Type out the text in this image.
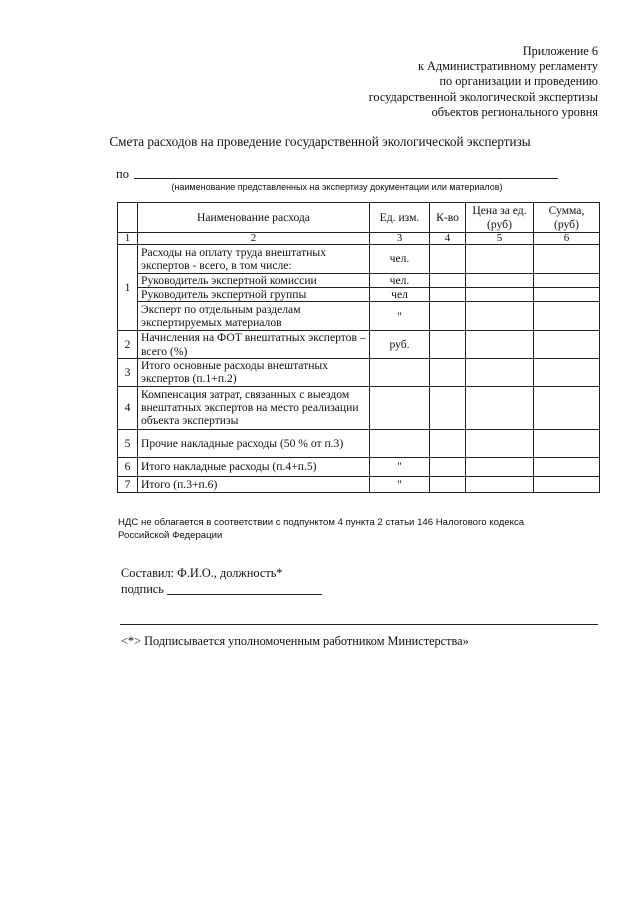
Приложение 6
к Административному регламенту
по организации и проведению
государственной экологической экспертизы
объектов регионального уровня
Смета расходов на проведение государственной экологической экспертизы
по
(наименование представленных на экспертизу документации или материалов)
	Наименование расхода	Ед. изм.	К-во	Цена за ед. (руб)	Сумма, (руб)
1	2	3	4	5	6
1	Расходы на оплату труда внештатных экспертов - всего, в том числе:	чел.			
	Руководитель экспертной комиссии	чел.			
	Руководитель экспертной группы	чел			
	Эксперт по отдельным разделам экспертируемых материалов	"			
2	Начисления на ФОТ внештатных экспертов – всего (%)	руб.			
3	Итого основные расходы внештатных экспертов (п.1+п.2)				
4	Компенсация затрат, связанных с выездом внештатных экспертов на место реализации объекта экспертизы				
5	Прочие накладные расходы (50 % от п.3)				
6	Итого накладные расходы (п.4+п.5)	"			
7	Итого (п.3+п.6)	"			
НДС не облагается в соответствии с подпунктом 4 пункта 2 статьи 146 Налогового кодекса
Российской Федерации
Составил: Ф.И.О., должность*
подпись
<*> Подписывается уполномоченным работником Министерства»
